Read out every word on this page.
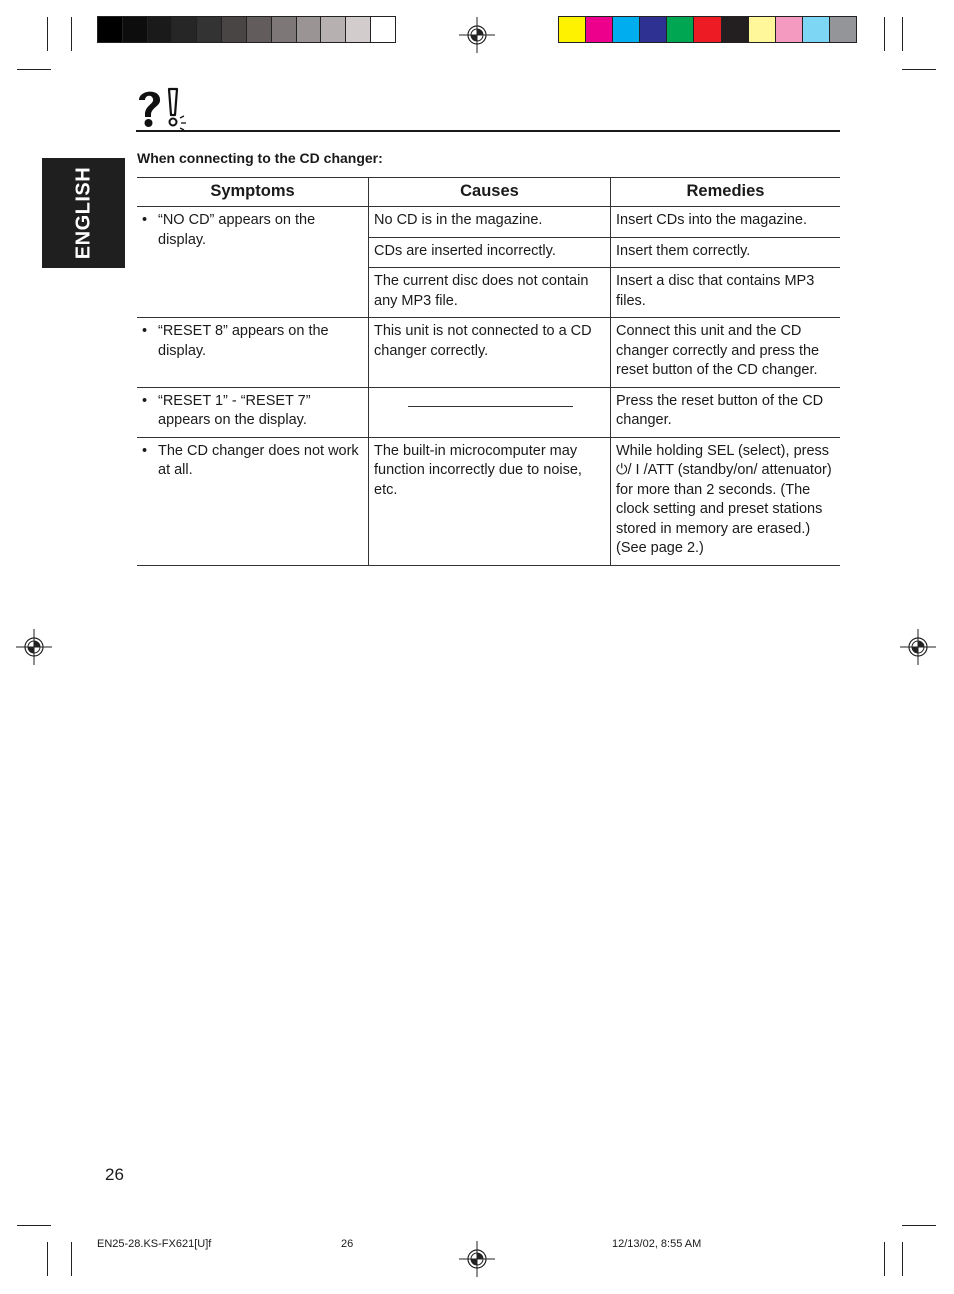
When connecting to the CD changer:
ENGLISH	Symptoms	Causes	Remedies

• “NO CD” appears on the display.	No CD is in the magazine.	Insert CDs into the magazine.
	CDs are inserted incorrectly.	Insert them correctly.
	The current disc does not contain any MP3 file.	Insert a disc that contains MP3 files.

• “RESET 8” appears on the display.	This unit is not connected to a CD changer correctly.	Connect this unit and the CD changer correctly and press the reset button of the CD changer.

• “RESET 1” - “RESET 7” appears on the display.		Press the reset button of the CD changer.

• The CD changer does not work at all.	The built-in microcomputer may function incorrectly due to noise, etc.	While holding SEL (select), press ⏻/ I /ATT (standby/on/ attenuator) for more than 2 seconds. (The clock setting and preset stations stored in memory are erased.) (See page 2.)
26
EN25-28.KS-FX621[U]f	26	12/13/02, 8:55 AM
